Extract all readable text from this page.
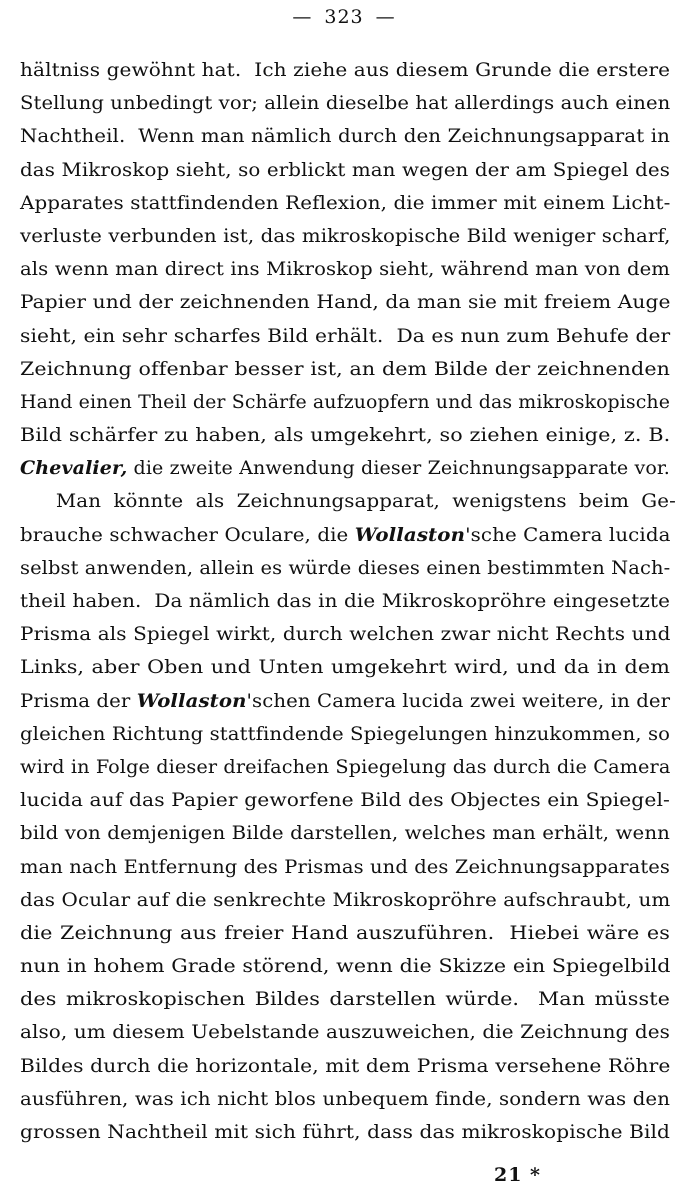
— 323 —
hältniss gewöhnt hat.  Ich ziehe aus diesem Grunde die erstere
Stellung unbedingt vor; allein dieselbe hat allerdings auch einen
Nachtheil.  Wenn man nämlich durch den Zeichnungsapparat in
das Mikroskop sieht, so erblickt man wegen der am Spiegel des
Apparates stattfindenden Reflexion, die immer mit einem Licht-
verluste verbunden ist, das mikroskopische Bild weniger scharf,
als wenn man direct ins Mikroskop sieht, während man von dem
Papier und der zeichnenden Hand, da man sie mit freiem Auge
sieht, ein sehr scharfes Bild erhält.  Da es nun zum Behufe der
Zeichnung offenbar besser ist, an dem Bilde der zeichnenden
Hand einen Theil der Schärfe aufzuopfern und das mikroskopische
Bild schärfer zu haben, als umgekehrt, so ziehen einige, z. B.
Chevalier, die zweite Anwendung dieser Zeichnungsapparate vor.
Man könnte als Zeichnungsapparat, wenigstens beim Ge-
brauche schwacher Oculare, die Wollaston'sche Camera lucida
selbst anwenden, allein es würde dieses einen bestimmten Nach-
theil haben.  Da nämlich das in die Mikroskopröhre eingesetzte
Prisma als Spiegel wirkt, durch welchen zwar nicht Rechts und
Links, aber Oben und Unten umgekehrt wird, und da in dem
Prisma der Wollaston'schen Camera lucida zwei weitere, in der
gleichen Richtung stattfindende Spiegelungen hinzukommen, so
wird in Folge dieser dreifachen Spiegelung das durch die Camera
lucida auf das Papier geworfene Bild des Objectes ein Spiegel-
bild von demjenigen Bilde darstellen, welches man erhält, wenn
man nach Entfernung des Prismas und des Zeichnungsapparates
das Ocular auf die senkrechte Mikroskopröhre aufschraubt, um
die Zeichnung aus freier Hand auszuführen.  Hiebei wäre es
nun in hohem Grade störend, wenn die Skizze ein Spiegelbild
des mikroskopischen Bildes darstellen würde.  Man müsste
also, um diesem Uebelstande auszuweichen, die Zeichnung des
Bildes durch die horizontale, mit dem Prisma versehene Röhre
ausführen, was ich nicht blos unbequem finde, sondern was den
grossen Nachtheil mit sich führt, dass das mikroskopische Bild
21 *
